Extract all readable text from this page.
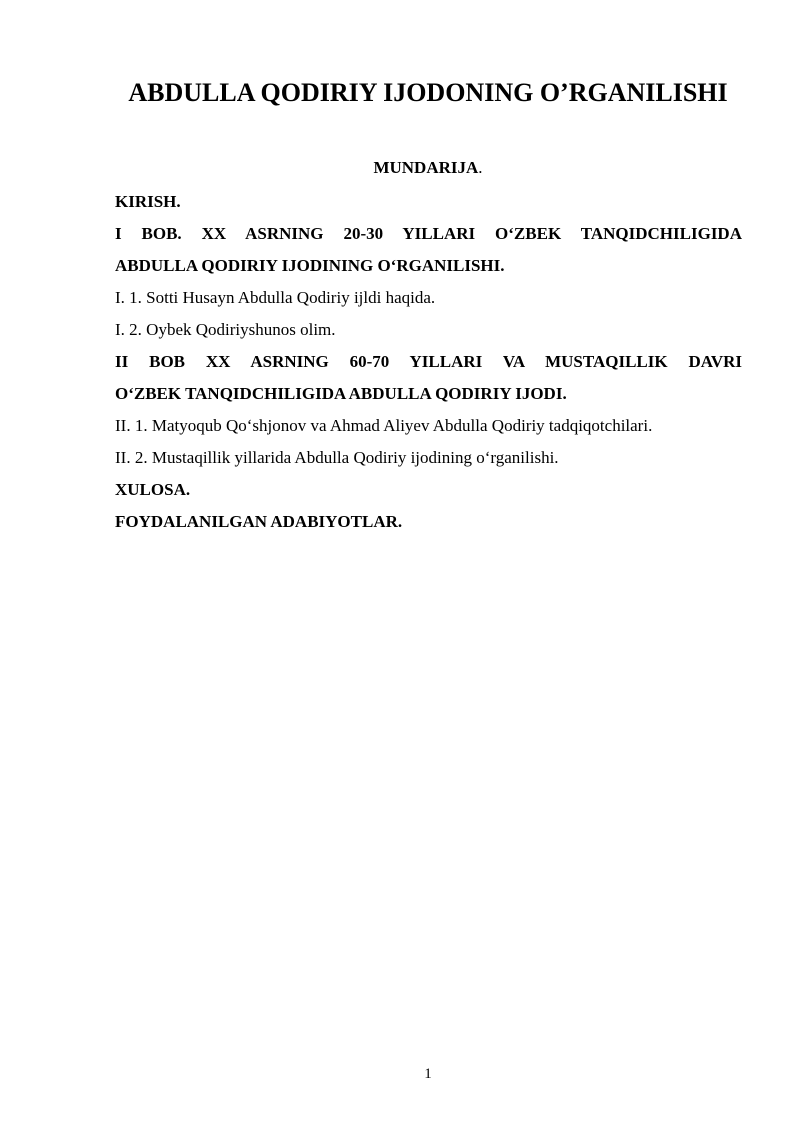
ABDULLA QODIRIY IJODONING O’RGANILISHI
MUNDARIJA.
KIRISH.
I BOB. XX ASRNING 20-30 YILLARI O‘ZBEK TANQIDCHILIGIDA
ABDULLA QODIRIY IJODINING O‘RGANILISHI.
I. 1. Sotti Husayn Abdulla Qodiriy ijldi haqida.
I. 2. Oybek Qodiriyshunos olim.
II BOB XX ASRNING 60-70 YILLARI VA MUSTAQILLIK DAVRI
O‘ZBEK TANQIDCHILIGIDA ABDULLA QODIRIY IJODI.
II. 1. Matyoqub Qo‘shjonov va Ahmad Aliyev Abdulla Qodiriy tadqiqotchilari.
II. 2. Mustaqillik yillarida Abdulla Qodiriy ijodining o‘rganilishi.
XULOSA.
FOYDALANILGAN ADABIYOTLAR.
1
